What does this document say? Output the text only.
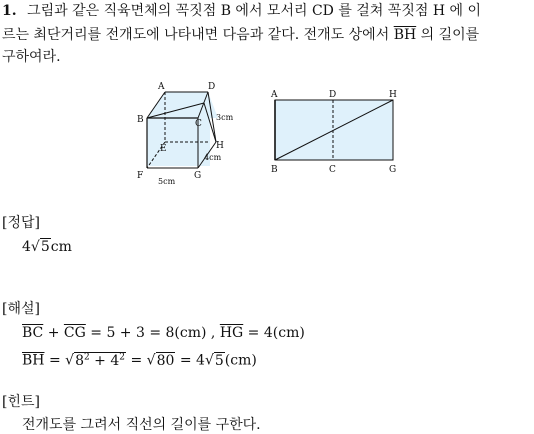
1. 그림과 같은 직육면체의 꼭짓점 B 에서 모서리 CD 를 걸쳐 꼭짓점 H 에 이
르는 최단거리를 전개도에 나타내면 다음과 같다. 전개도 상에서 $\overline{BH}$ 의 길이를
구하여라.
A	D
B	C
E
F	G
H
3cm
4cm
5cm
A	D	H
B	C	G
[정답]
4√5cm
[해설]
$\overline{BC} + \overline{CG} = 5 + 3 = 8(cm)$ , $\overline{HG} = 4(cm)$
$\overline{BH} = √8^2 + 4^2 = √80 = 4√5(cm)$
[힌트]
전개도를 그려서 직선의 길이를 구한다.
